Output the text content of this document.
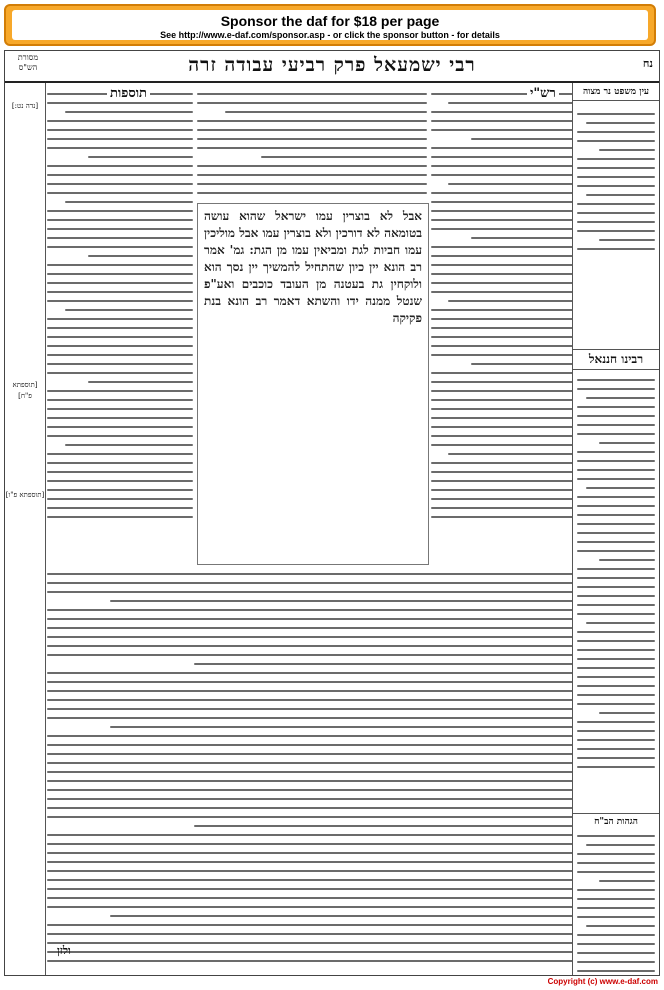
Sponsor the daf for $18 per page
See http://www.e-daf.com/sponsor.asp - or click the sponsor button - for details
מסורת הש"ס	רבי ישמעאל פרק רביעי עבודה זרה	נח
[נדה נט:]
[תוספתא פ"ח]
[תוספתא פ"ו]
תוספות	רש"י
אבל לא בוצרין עמו ישראל שהוא עושה בטומאה לא דורכין ולא בוצרין עמו אבל מוליכין עמו חביות לגת ומביאין עמו מן הגת: גמ' אמר רב הונא יין כיון שהתחיל להמשיך יין נסך הוא ולוקחין גת בעטנה מן העובד כוכבים ואע"פ שנטל ממנה ידו והשתא דאמר רב הונא בנת פקיקה
עין משפט נר מצוה
רבינו חננאל
הגהות הב"ח
ולזן
Copyright (c) www.e-daf.com
